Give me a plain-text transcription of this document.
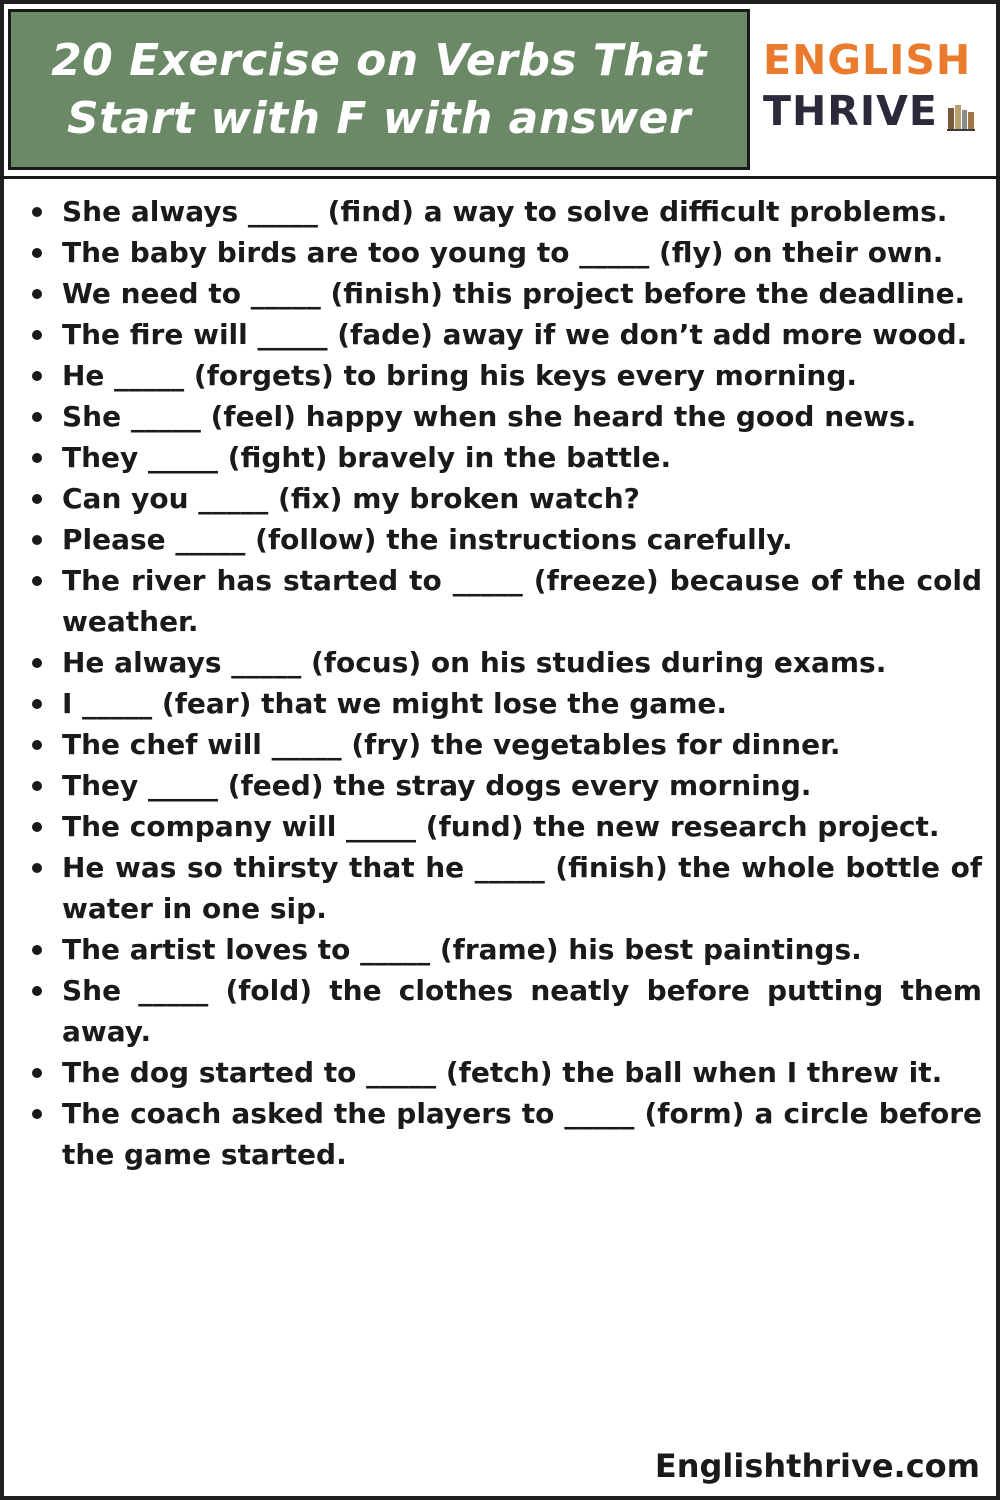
20 Exercise on Verbs That
Start with F with answer
ENGLISH
THRIVE
She always _____ (find) a way to solve difficult problems.
The baby birds are too young to _____ (fly) on their own.
We need to _____ (finish) this project before the deadline.
The fire will _____ (fade) away if we don’t add more wood.
He _____ (forgets) to bring his keys every morning.
She _____ (feel) happy when she heard the good news.
They _____ (fight) bravely in the battle.
Can you _____ (fix) my broken watch?
Please _____ (follow) the instructions carefully.
The river has started to _____ (freeze) because of the cold weather.
He always _____ (focus) on his studies during exams.
I _____ (fear) that we might lose the game.
The chef will _____ (fry) the vegetables for dinner.
They _____ (feed) the stray dogs every morning.
The company will _____ (fund) the new research project.
He was so thirsty that he _____ (finish) the whole bottle of water in one sip.
The artist loves to _____ (frame) his best paintings.
She _____ (fold) the clothes neatly before putting them away.
The dog started to _____ (fetch) the ball when I threw it.
The coach asked the players to _____ (form) a circle before the game started.
Englishthrive.com
